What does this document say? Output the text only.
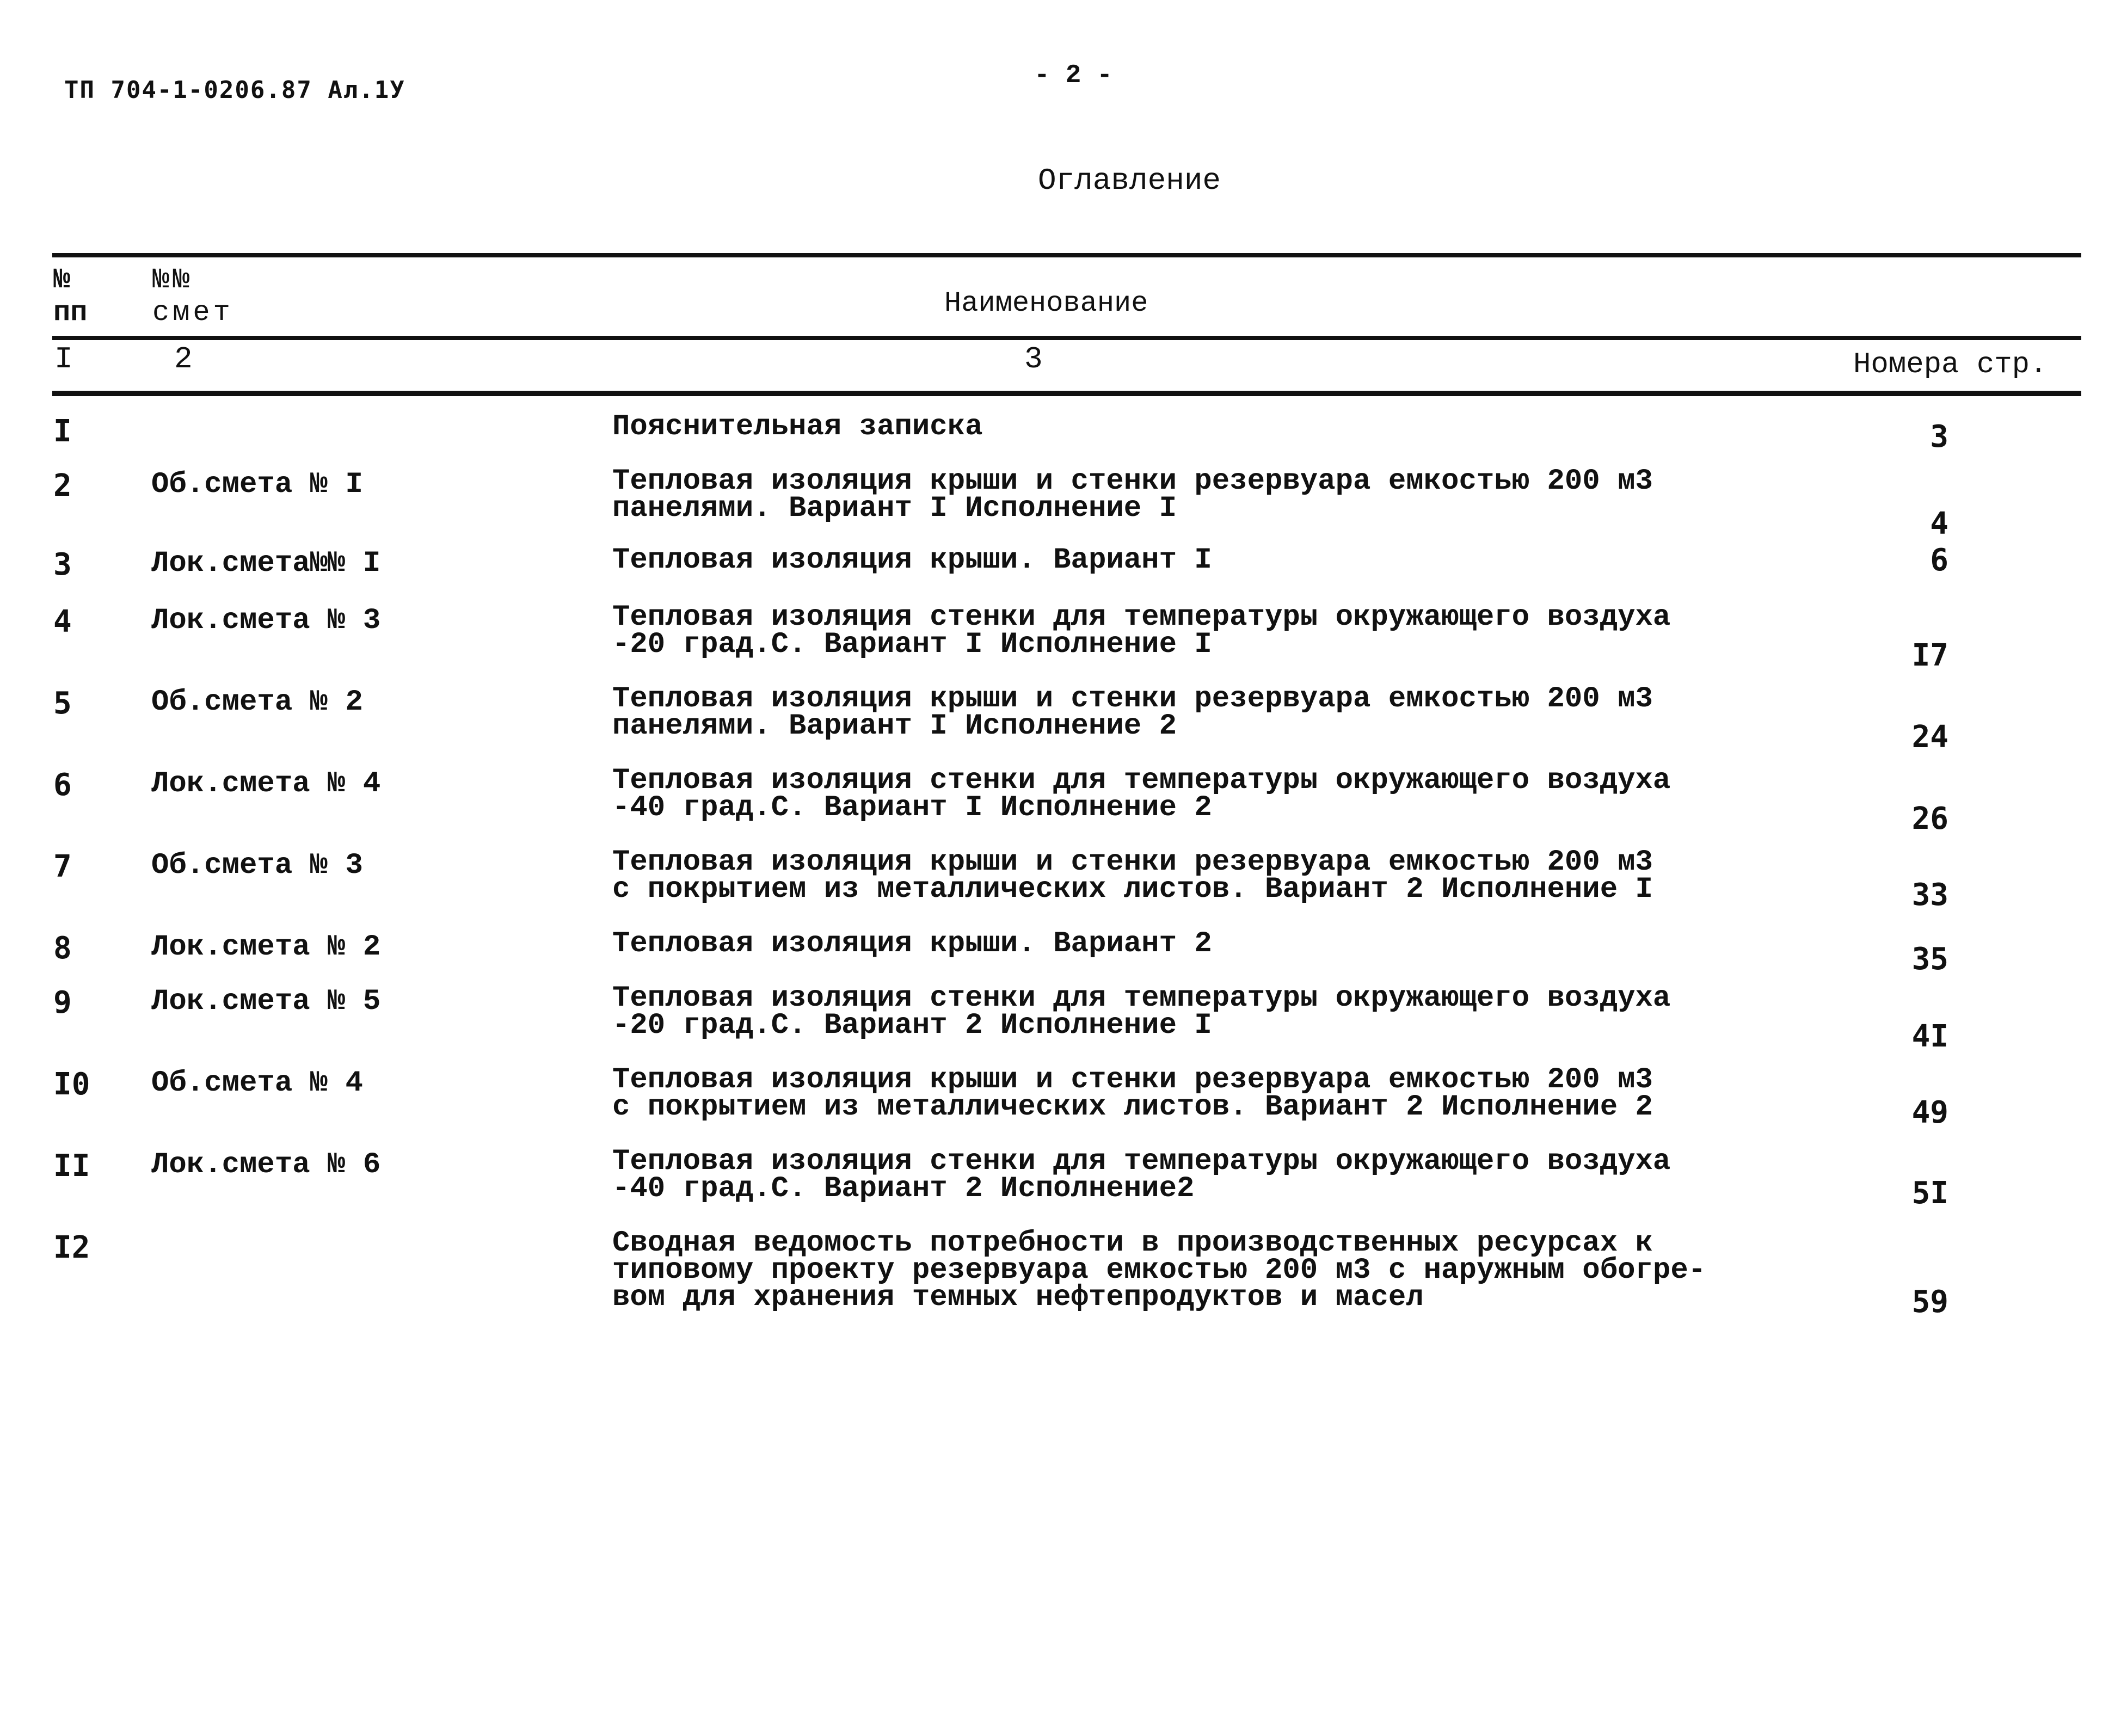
ТП 704-1-0206.87 Ал.1У	- 2 -
Оглавление
№
пп
№№
смет	Наименование
I	2	3	Номера стр.
I	Пояснительная записка	3
2	Об.смета № I	Тепловая изоляция крыши и стенки резервуара емкостью 200 м3
панелями. Вариант I Исполнение I	4
3	Лок.смета№№ I	Тепловая изоляция крыши. Вариант I	6
4	Лок.смета № 3	Тепловая изоляция стенки для температуры окружающего воздуха
-20 град.С. Вариант I Исполнение I	I7
5	Об.смета № 2	Тепловая изоляция крыши и стенки резервуара емкостью 200 м3
панелями. Вариант I Исполнение 2	24
6	Лок.смета № 4	Тепловая изоляция стенки для температуры окружающего воздуха
-40 град.С. Вариант I Исполнение 2	26
7	Об.смета № 3	Тепловая изоляция крыши и стенки резервуара емкостью 200 м3
с покрытием из металлических листов. Вариант 2 Исполнение I	33
8	Лок.смета № 2	Тепловая изоляция крыши. Вариант 2	35
9	Лок.смета № 5	Тепловая изоляция стенки для температуры окружающего воздуха
-20 град.С. Вариант 2 Исполнение I	4I
I0 Об.смета № 4	Тепловая изоляция крыши и стенки резервуара емкостью 200 м3
с покрытием из металлических листов. Вариант 2 Исполнение 2	49
II Лок.смета № 6	Тепловая изоляция стенки для температуры окружающего воздуха
-40 град.С. Вариант 2 Исполнение2	5I
I2	Сводная ведомость потребности в производственных ресурсах к
типовому проекту резервуара емкостью 200 м3 с наружным обогре-
вом для хранения темных нефтепродуктов и масел	59
